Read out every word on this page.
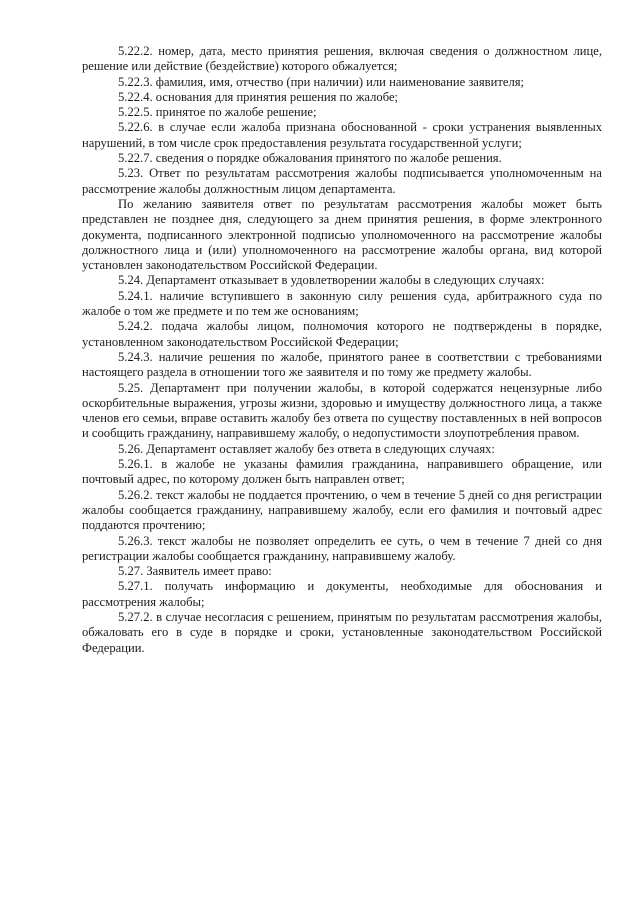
5.22.2. номер, дата, место принятия решения, включая сведения о должностном лице, решение или действие (бездействие) которого обжалуется;

5.22.3. фамилия, имя, отчество (при наличии) или наименование заявителя;

5.22.4. основания для принятия решения по жалобе;

5.22.5. принятое по жалобе решение;

5.22.6. в случае если жалоба признана обоснованной - сроки устранения выявленных нарушений, в том числе срок предоставления результата государственной услуги;

5.22.7. сведения о порядке обжалования принятого по жалобе решения.

5.23. Ответ по результатам рассмотрения жалобы подписывается уполномоченным на рассмотрение жалобы должностным лицом департамента.

По желанию заявителя ответ по результатам рассмотрения жалобы может быть представлен не позднее дня, следующего за днем принятия решения, в форме электронного документа, подписанного электронной подписью уполномоченного на рассмотрение жалобы должностного лица и (или) уполномоченного на рассмотрение жалобы органа, вид которой установлен законодательством Российской Федерации.

5.24. Департамент отказывает в удовлетворении жалобы в следующих случаях:

5.24.1. наличие вступившего в законную силу решения суда, арбитражного суда по жалобе о том же предмете и по тем же основаниям;

5.24.2. подача жалобы лицом, полномочия которого не подтверждены в порядке, установленном законодательством Российской Федерации;

5.24.3. наличие решения по жалобе, принятого ранее в соответствии с требованиями настоящего раздела в отношении того же заявителя и по тому же предмету жалобы.

5.25. Департамент при получении жалобы, в которой содержатся нецензурные либо оскорбительные выражения, угрозы жизни, здоровью и имуществу должностного лица, а также членов его семьи, вправе оставить жалобу без ответа по существу поставленных в ней вопросов и сообщить гражданину, направившему жалобу, о недопустимости злоупотребления правом.

5.26. Департамент оставляет жалобу без ответа в следующих случаях:

5.26.1. в жалобе не указаны фамилия гражданина, направившего обращение, или почтовый адрес, по которому должен быть направлен ответ;

5.26.2. текст жалобы не поддается прочтению, о чем в течение 5 дней со дня регистрации жалобы сообщается гражданину, направившему жалобу, если его фамилия и почтовый адрес поддаются прочтению;

5.26.3. текст жалобы не позволяет определить ее суть, о чем в течение 7 дней со дня регистрации жалобы сообщается гражданину, направившему жалобу.

5.27. Заявитель имеет право:

5.27.1. получать информацию и документы, необходимые для обоснования и рассмотрения жалобы;

5.27.2. в случае несогласия с решением, принятым по результатам рассмотрения жалобы, обжаловать его в суде в порядке и сроки, установленные законодательством Российской Федерации.
